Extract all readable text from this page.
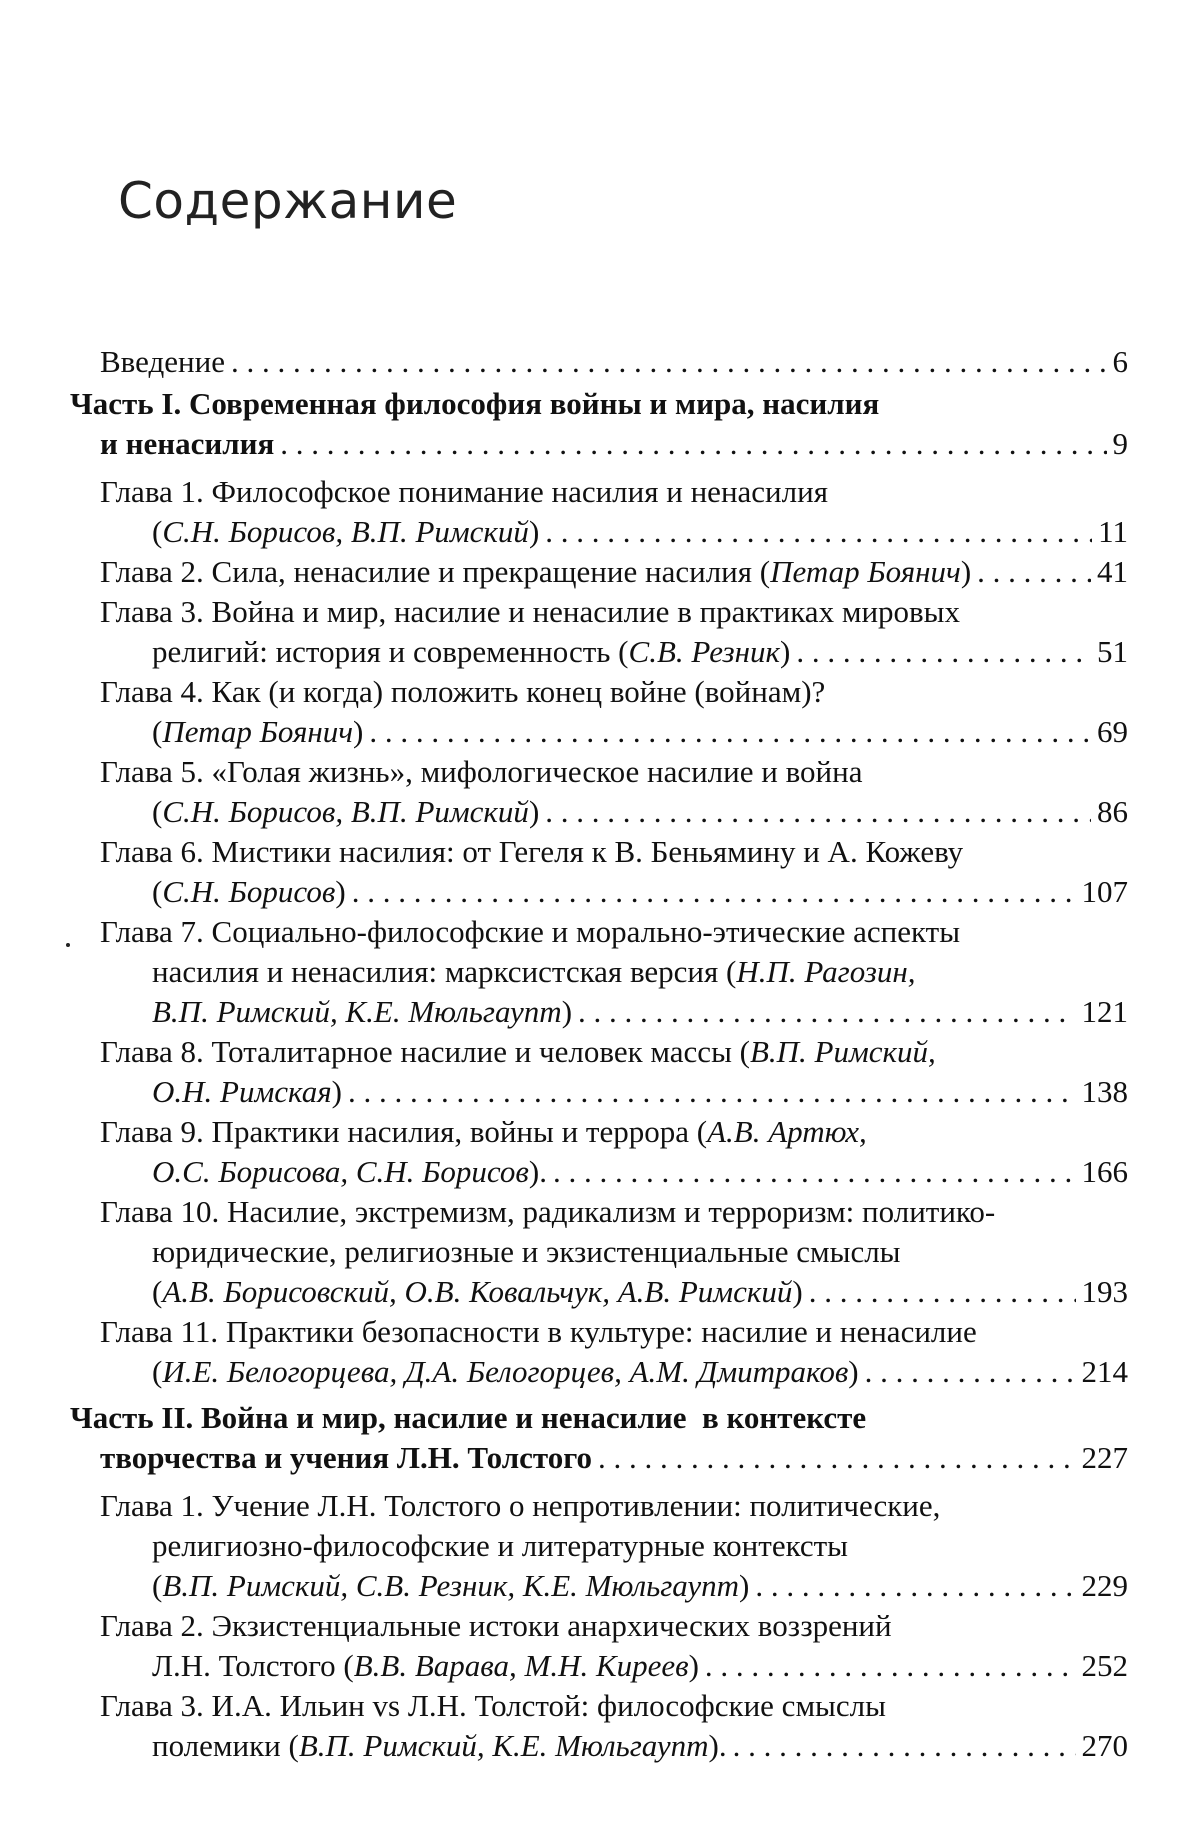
Содержание
Введение . . .	6
Часть I. Современная философия войны и мира, насилия
и ненасилия . . .	9
Глава 1. Философское понимание насилия и ненасилия
(С.Н. Борисов, В.П. Римский) . . .	11
Глава 2. Сила, ненасилие и прекращение насилия (Петар Боянич) . . .	41
Глава 3. Война и мир, насилие и ненасилие в практиках мировых
религий: история и современность (С.В. Резник) . . .	51
Глава 4. Как (и когда) положить конец войне (войнам)?
(Петар Боянич) . . .	69
Глава 5. «Голая жизнь», мифологическое насилие и война
(С.Н. Борисов, В.П. Римский) . . .	86
Глава 6. Мистики насилия: от Гегеля к В. Беньямину и А. Кожеву
(С.Н. Борисов) . . .	107
Глава 7. Социально-философские и морально-этические аспекты
насилия и ненасилия: марксистская версия (Н.П. Рагозин,
В.П. Римский, К.Е. Мюльгаупт) . . .	121
Глава 8. Тоталитарное насилие и человек массы (В.П. Римский,
О.Н. Римская) . . .	138
Глава 9. Практики насилия, войны и террора (А.В. Артюх,
О.С. Борисова, С.Н. Борисов). . . .	166
Глава 10. Насилие, экстремизм, радикализм и терроризм: политико-
юридические, религиозные и экзистенциальные смыслы
(А.В. Борисовский, О.В. Ковальчук, А.В. Римский) . . .	193
Глава 11. Практики безопасности в культуре: насилие и ненасилие
(И.Е. Белогорцева, Д.А. Белогорцев, А.М. Дмитраков) . . .	214
Часть II. Война и мир, насилие и ненасилие  в контексте
творчества и учения Л.Н. Толстого . . .	227
Глава 1. Учение Л.Н. Толстого о непротивлении: политические,
религиозно-философские и литературные контексты
(В.П. Римский, С.В. Резник, К.Е. Мюльгаупт) . . .	229
Глава 2. Экзистенциальные истоки анархических воззрений
Л.Н. Толстого (В.В. Варава, М.Н. Киреев) . . .	252
Глава 3. И.А. Ильин vs Л.Н. Толстой: философские смыслы
полемики (В.П. Римский, К.Е. Мюльгаупт). . . .	270
